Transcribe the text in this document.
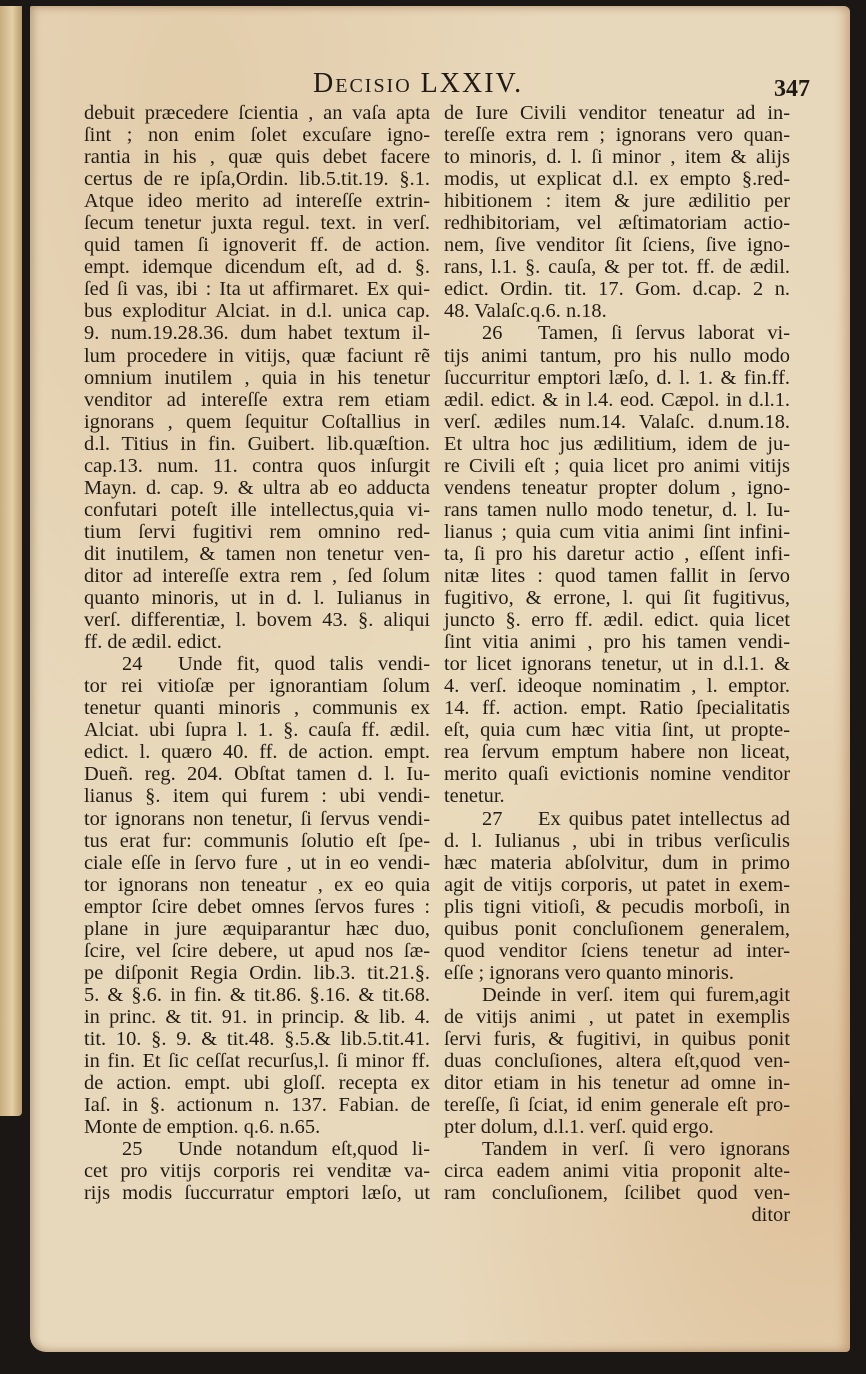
Decisio LXXIV.	347
debuit præcedere ſcientia , an vaſa apta
ſint ; non enim ſolet excuſare igno-
rantia in his , quæ quis debet facere
certus de re ipſa,Ordin. lib.5.tit.19. §.1.
Atque ideo merito ad intereſſe extrin-
ſecum tenetur juxta regul. text. in verſ.
quid tamen ſi ignoverit ff. de action.
empt. idemque dicendum eſt, ad d. §.
ſed ſi vas, ibi : Ita ut affirmaret. Ex qui-
bus exploditur Alciat. in d.l. unica cap.
9. num.19.28.36. dum habet textum il-
lum procedere in vitijs, quæ faciunt rẽ
omnium inutilem , quia in his tenetur
venditor ad intereſſe extra rem etiam
ignorans , quem ſequitur Coſtallius in
d.l. Titius in fin. Guibert. lib.quæſtion.
cap.13. num. 11. contra quos inſurgit
Mayn. d. cap. 9. & ultra ab eo adducta
confutari poteſt ille intellectus,quia vi-
tium ſervi fugitivi rem omnino red-
dit inutilem, & tamen non tenetur ven-
ditor ad intereſſe extra rem , ſed ſolum
quanto minoris, ut in d. l. Iulianus in
verſ. differentiæ, l. bovem 43. §. aliqui
ff. de ædil. edict.
24 Unde fit, quod talis vendi-
tor rei vitioſæ per ignorantiam ſolum
tenetur quanti minoris , communis ex
Alciat. ubi ſupra l. 1. §. cauſa ff. ædil.
edict. l. quæro 40. ff. de action. empt.
Dueñ. reg. 204. Obſtat tamen d. l. Iu-
lianus §. item qui furem : ubi vendi-
tor ignorans non tenetur, ſi ſervus vendi-
tus erat fur: communis ſolutio eſt ſpe-
ciale eſſe in ſervo fure , ut in eo vendi-
tor ignorans non teneatur , ex eo quia
emptor ſcire debet omnes ſervos fures :
plane in jure æquiparantur hæc duo,
ſcire, vel ſcire debere, ut apud nos ſæ-
pe diſponit Regia Ordin. lib.3. tit.21.§.
5. & §.6. in fin. & tit.86. §.16. & tit.68.
in princ. & tit. 91. in princip. & lib. 4.
tit. 10. §. 9. & tit.48. §.5.& lib.5.tit.41.
in fin. Et ſic ceſſat recurſus,l. ſi minor ff.
de action. empt. ubi gloſſ. recepta ex
Iaſ. in §. actionum n. 137. Fabian. de
Monte de emption. q.6. n.65.
25 Unde notandum eſt,quod li-
cet pro vitijs corporis rei venditæ va-
rijs modis ſuccurratur emptori læſo, ut
de Iure Civili venditor teneatur ad in-
tereſſe extra rem ; ignorans vero quan-
to minoris, d. l. ſi minor , item & alijs
modis, ut explicat d.l. ex empto §.red-
hibitionem : item & jure ædilitio per
redhibitoriam, vel æſtimatoriam actio-
nem, ſive venditor ſit ſciens, ſive igno-
rans, l.1. §. cauſa, & per tot. ff. de ædil.
edict. Ordin. tit. 17. Gom. d.cap. 2 n.
48. Valaſc.q.6. n.18.
26 Tamen, ſi ſervus laborat vi-
tijs animi tantum, pro his nullo modo
ſuccurritur emptori læſo, d. l. 1. & fin.ff.
ædil. edict. & in l.4. eod. Cæpol. in d.l.1.
verſ. ædiles num.14. Valaſc. d.num.18.
Et ultra hoc jus ædilitium, idem de ju-
re Civili eſt ; quia licet pro animi vitijs
vendens teneatur propter dolum , igno-
rans tamen nullo modo tenetur, d. l. Iu-
lianus ; quia cum vitia animi ſint infini-
ta, ſi pro his daretur actio , eſſent infi-
nitæ lites : quod tamen fallit in ſervo
fugitivo, & errone, l. qui ſit fugitivus,
juncto §. erro ff. ædil. edict. quia licet
ſint vitia animi , pro his tamen vendi-
tor licet ignorans tenetur, ut in d.l.1. &
4. verſ. ideoque nominatim , l. emptor.
14. ff. action. empt. Ratio ſpecialitatis
eſt, quia cum hæc vitia ſint, ut propte-
rea ſervum emptum habere non liceat,
merito quaſi evictionis nomine venditor
tenetur.
27 Ex quibus patet intellectus ad
d. l. Iulianus , ubi in tribus verſiculis
hæc materia abſolvitur, dum in primo
agit de vitijs corporis, ut patet in exem-
plis tigni vitioſi, & pecudis morboſi, in
quibus ponit concluſionem generalem,
quod venditor ſciens tenetur ad inter-
eſſe ; ignorans vero quanto minoris.
Deinde in verſ. item qui furem,agit
de vitijs animi , ut patet in exemplis
ſervi furis, & fugitivi, in quibus ponit
duas concluſiones, altera eſt,quod ven-
ditor etiam in his tenetur ad omne in-
tereſſe, ſi ſciat, id enim generale eſt pro-
pter dolum, d.l.1. verſ. quid ergo.
Tandem in verſ. ſi vero ignorans
circa eadem animi vitia proponit alte-
ram concluſionem, ſcilibet quod ven-
ditor
